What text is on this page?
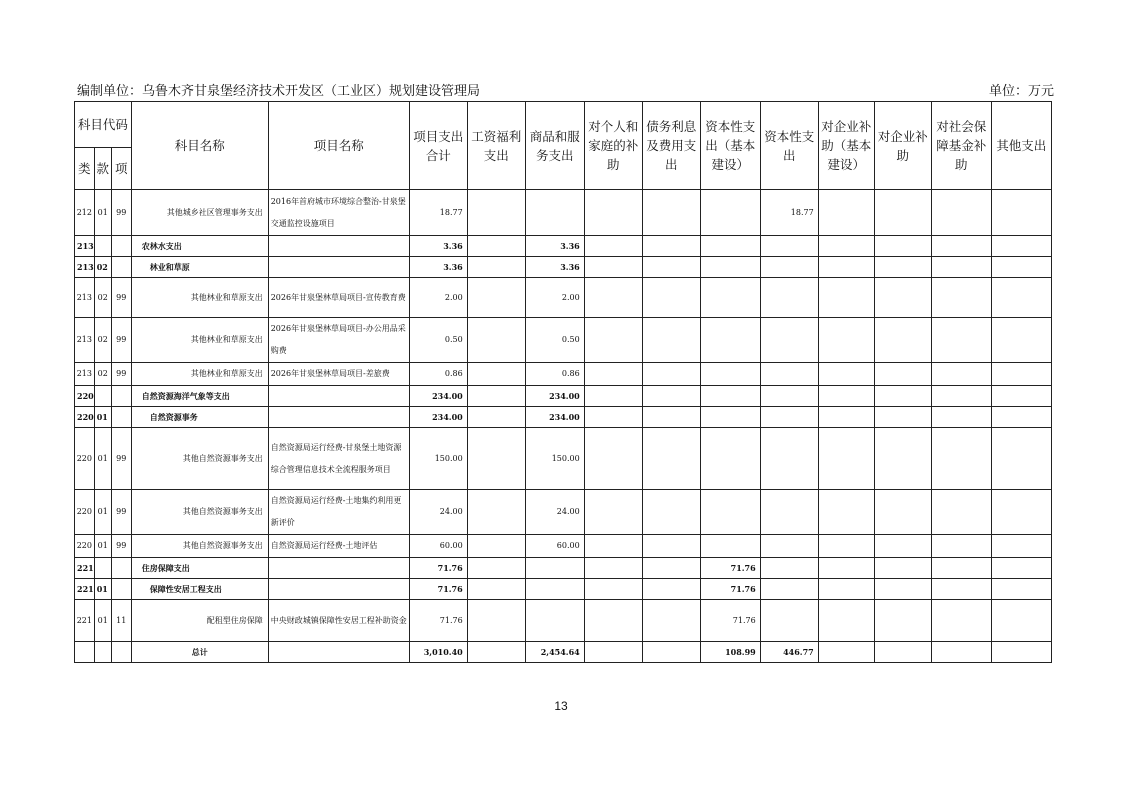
编制单位：乌鲁木齐甘泉堡经济技术开发区（工业区）规划建设管理局	单位：万元
科目代码			科目名称	项目名称	项目支出合计	工资福利支出	商品和服务支出	对个人和家庭的补助	债务利息及费用支出	资本性支出（基本建设）	资本性支出	对企业补助（基本建设）	对企业补助	对社会保障基金补助	其他支出
类	款	项													
212	01	99	其他城乡社区管理事务支出	2016年首府城市环境综合整治-甘泉堡交通监控设施项目	18.77						18.77				
213			农林水支出		3.36		3.36								
213	02		林业和草原		3.36		3.36								
213	02	99	其他林业和草原支出	2026年甘泉堡林草局项目-宣传教育费	2.00		2.00								
213	02	99	其他林业和草原支出	2026年甘泉堡林草局项目-办公用品采购费	0.50		0.50								
213	02	99	其他林业和草原支出	2026年甘泉堡林草局项目-差旅费	0.86		0.86								
220			自然资源海洋气象等支出		234.00		234.00								
220	01		自然资源事务		234.00		234.00								
220	01	99	其他自然资源事务支出	自然资源局运行经费-甘泉堡土地资源综合管理信息技术全流程服务项目	150.00		150.00								
220	01	99	其他自然资源事务支出	自然资源局运行经费-土地集约利用更新评价	24.00		24.00								
220	01	99	其他自然资源事务支出	自然资源局运行经费-土地评估	60.00		60.00								
221			住房保障支出		71.76					71.76					
221	01		保障性安居工程支出		71.76					71.76					
221	01	11	配租型住房保障	中央财政城镇保障性安居工程补助资金	71.76					71.76					
			总计		3,010.40		2,454.64			108.99	446.77				
13
